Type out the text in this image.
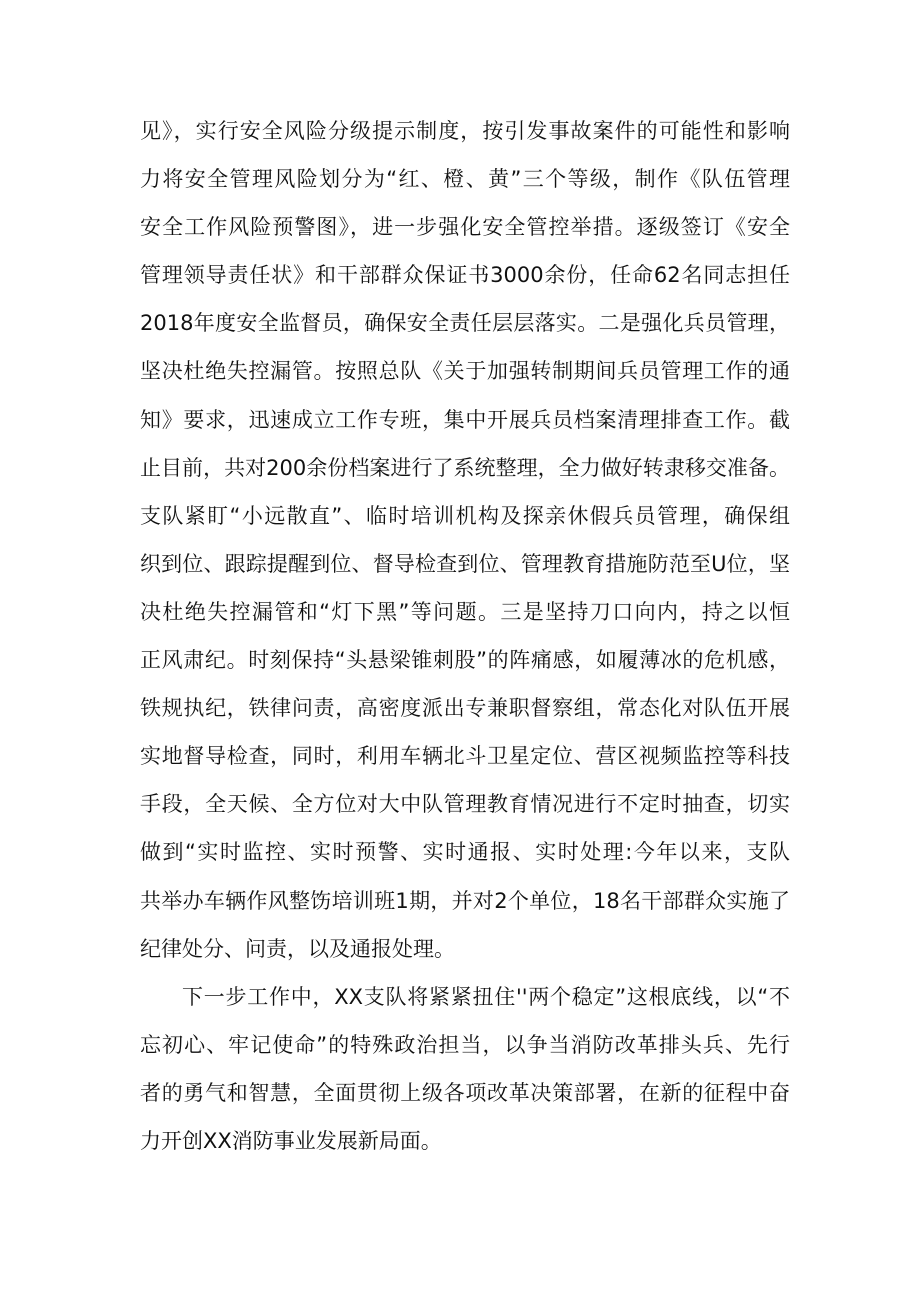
见》，实行安全风险分级提示制度，按引发事故案件的可能性和影响
力将安全管理风险划分为“红、橙、黄”三个等级，制作《队伍管理
安全工作风险预警图》，进一步强化安全管控举措。逐级签订《安全
管理领导责任状》和干部群众保证书3000余份，任命62名同志担任
2018年度安全监督员，确保安全责任层层落实。二是强化兵员管理，
坚决杜绝失控漏管。按照总队《关于加强转制期间兵员管理工作的通
知》要求，迅速成立工作专班，集中开展兵员档案清理排查工作。截
止目前，共对200余份档案进行了系统整理，全力做好转隶移交准备。
支队紧盯“小远散直”、临时培训机构及探亲休假兵员管理，确保组
织到位、跟踪提醒到位、督导检查到位、管理教育措施防范至U位，坚
决杜绝失控漏管和“灯下黑”等问题。三是坚持刀口向内，持之以恒
正风肃纪。时刻保持“头悬梁锥刺股”的阵痛感，如履薄冰的危机感，
铁规执纪，铁律问责，高密度派出专兼职督察组，常态化对队伍开展
实地督导检查，同时，利用车辆北斗卫星定位、营区视频监控等科技
手段，全天候、全方位对大中队管理教育情况进行不定时抽查，切实
做到“实时监控、实时预警、实时通报、实时处理:今年以来，支队
共举办车辆作风整饬培训班1期，并对2个单位，18名干部群众实施了
纪律处分、问责，以及通报处理。
下一步工作中，XX支队将紧紧扭住''两个稳定”这根底线，以“不
忘初心、牢记使命”的特殊政治担当，以争当消防改革排头兵、先行
者的勇气和智慧，全面贯彻上级各项改革决策部署，在新的征程中奋
力开创XX消防事业发展新局面。
